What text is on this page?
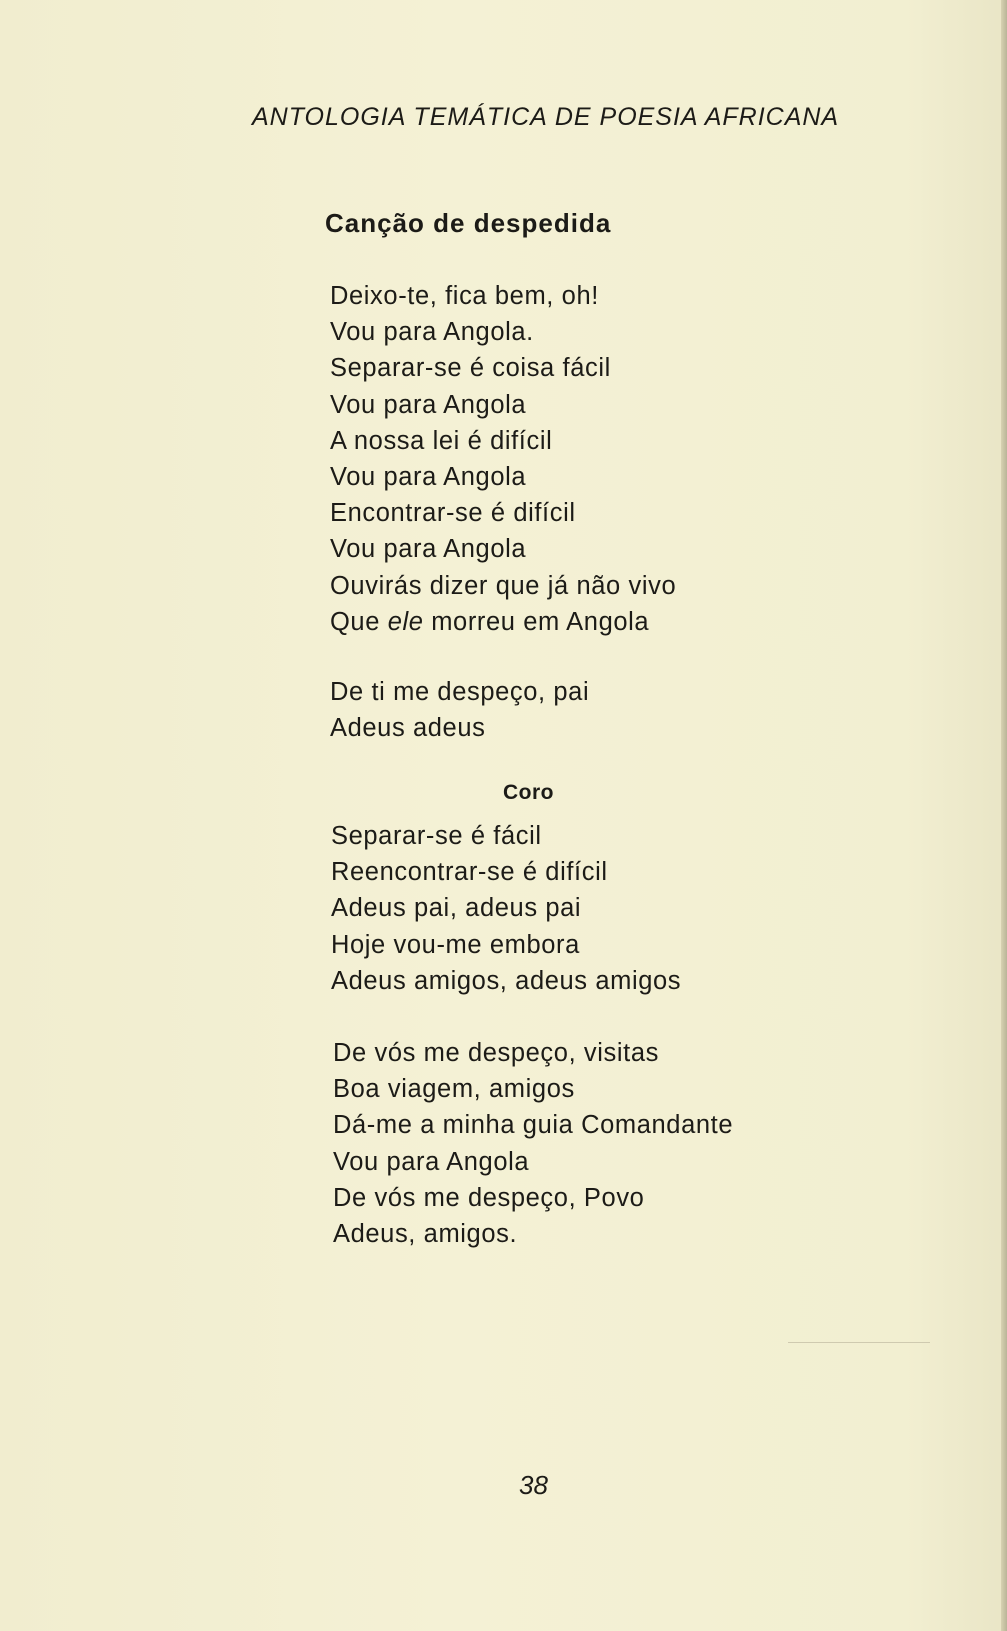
ANTOLOGIA TEMÁTICA DE POESIA AFRICANA
Canção de despedida
Deixo-te, fica bem, oh!
Vou para Angola.
Separar-se é coisa fácil
Vou para Angola
A nossa lei é difícil
Vou para Angola
Encontrar-se é difícil
Vou para Angola
Ouvirás dizer que já não vivo
Que ele morreu em Angola
De ti me despeço, pai
Adeus adeus
Coro
Separar-se é fácil
Reencontrar-se é difícil
Adeus pai, adeus pai
Hoje vou-me embora
Adeus amigos, adeus amigos
De vós me despeço, visitas
Boa viagem, amigos
Dá-me a minha guia Comandante
Vou para Angola
De vós me despeço, Povo
Adeus, amigos.
38
